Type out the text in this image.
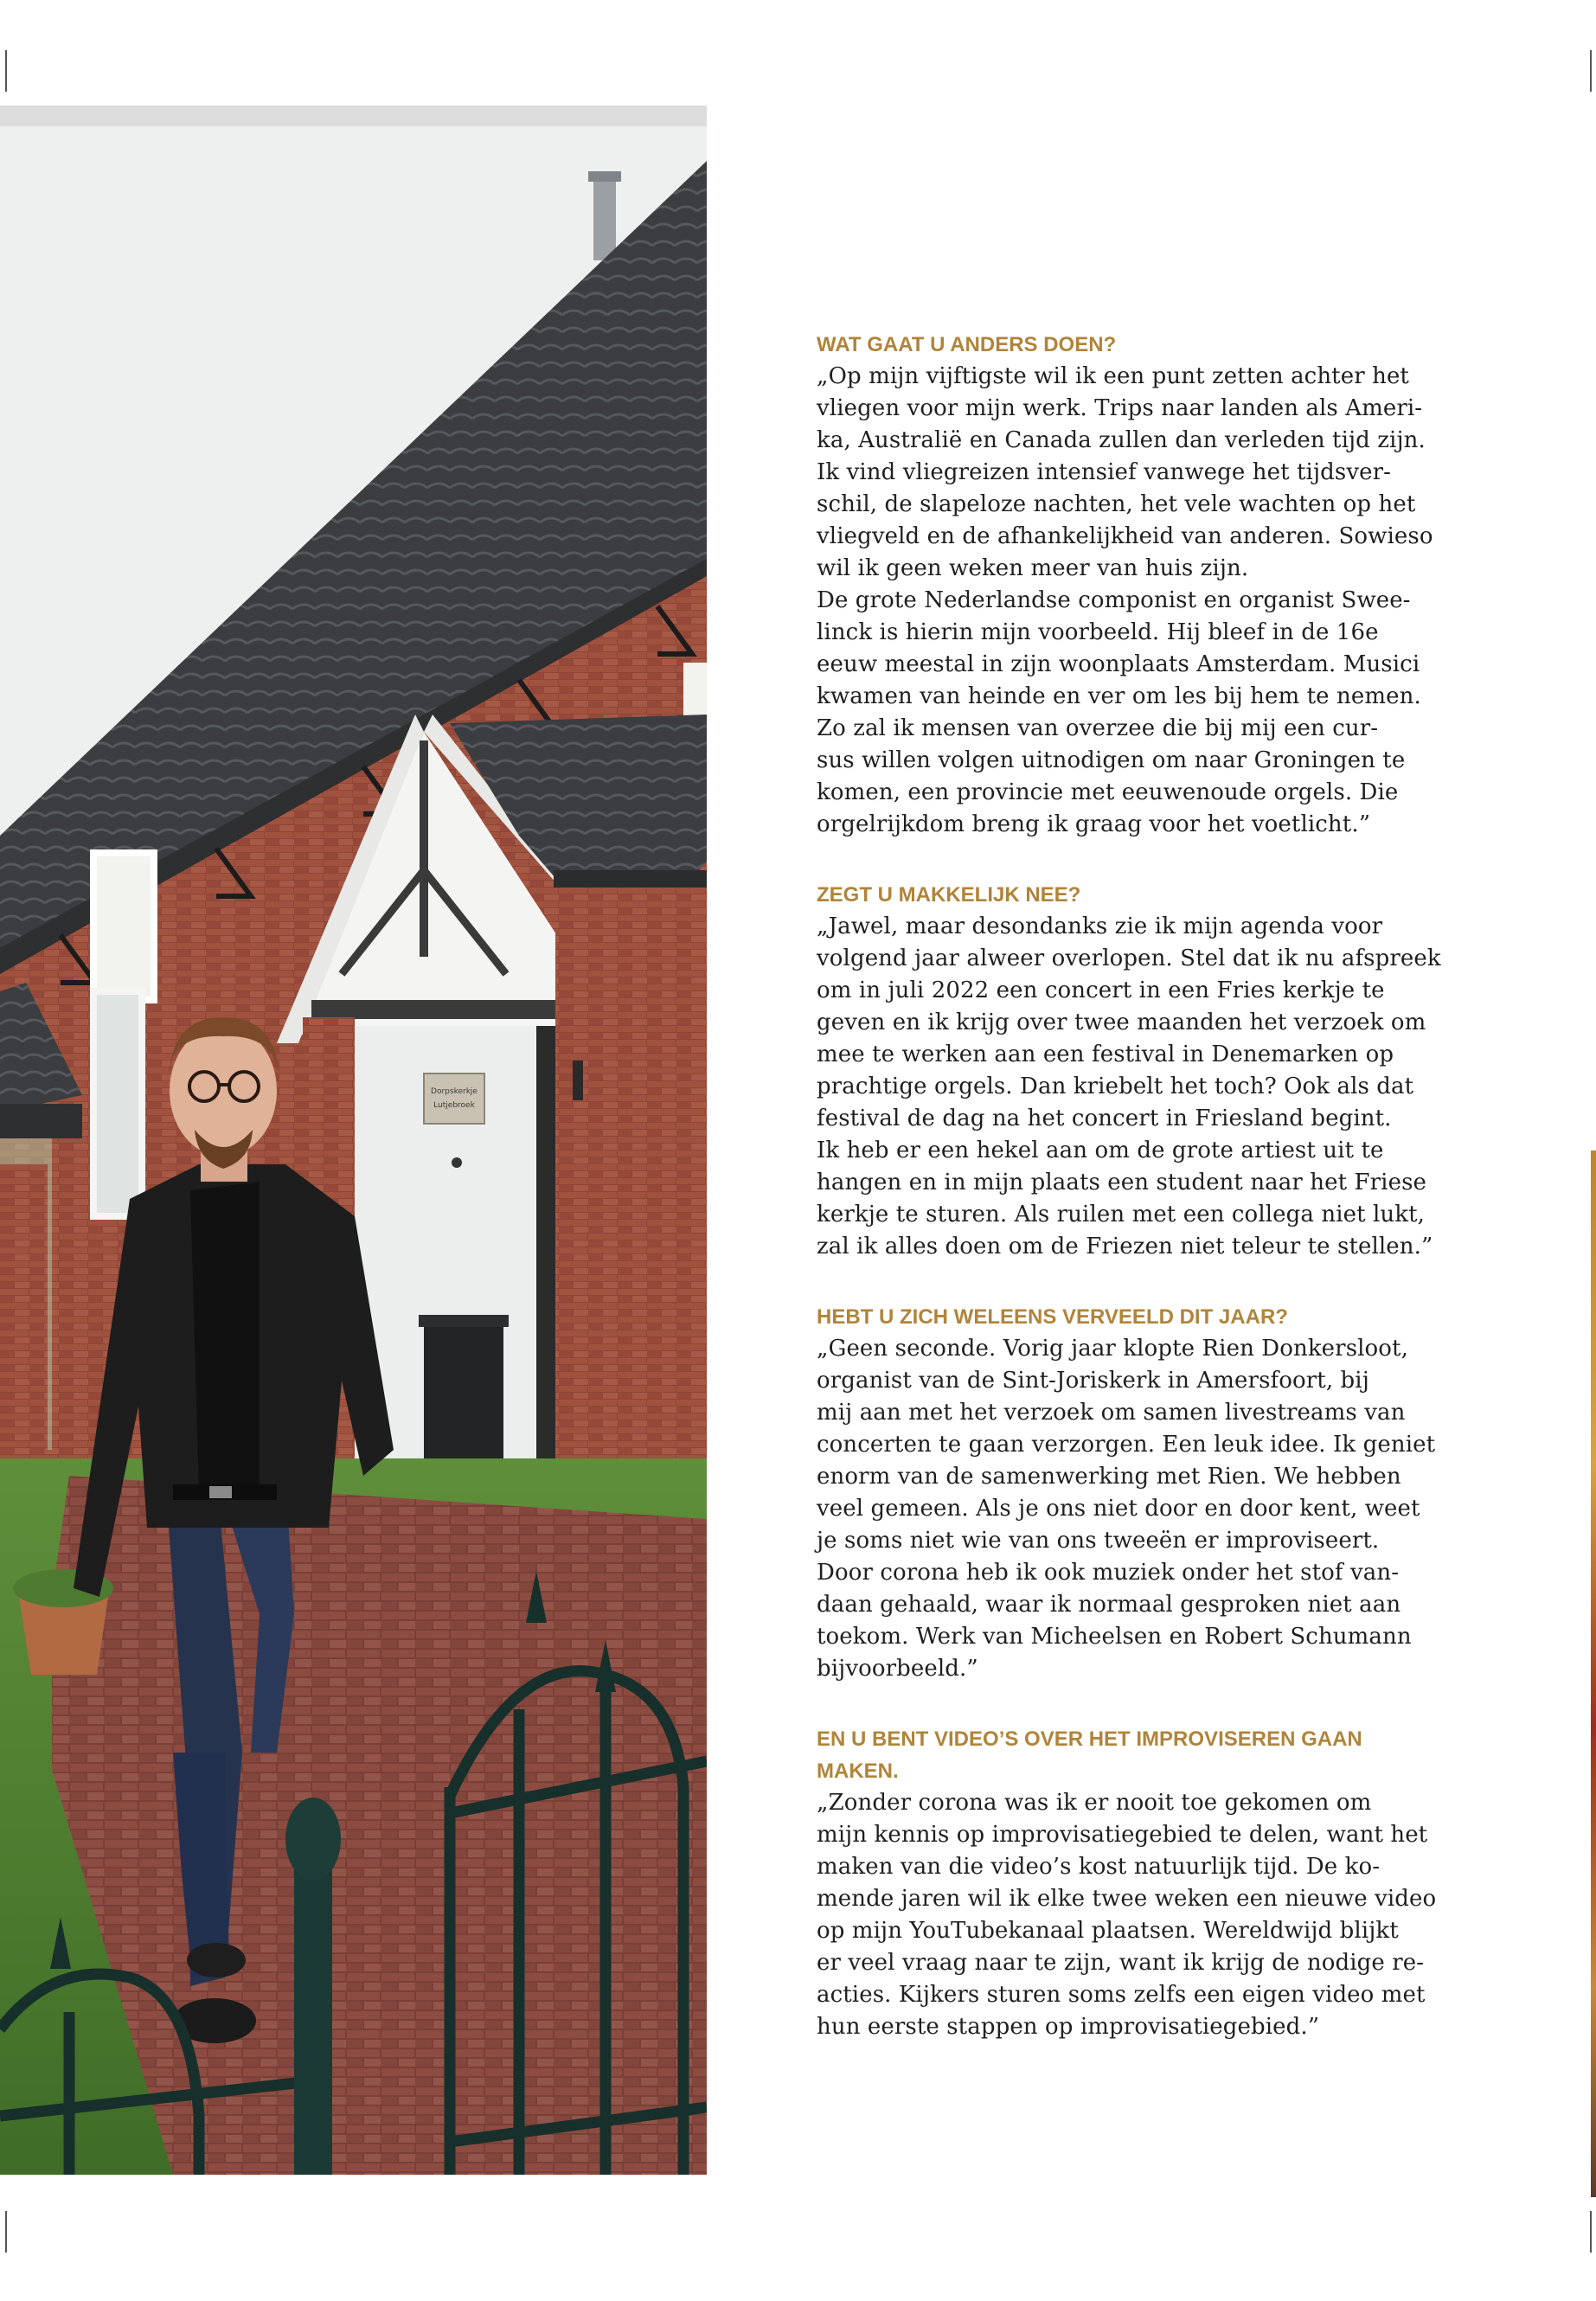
Dorpskerkje
Lutjebroek

WAT GAAT U ANDERS DOEN?

„Op mijn vijftigste wil ik een punt zetten achter het
vliegen voor mijn werk. Trips naar landen als Ameri-
ka, Australië en Canada zullen dan verleden tijd zijn.
Ik vind vliegreizen intensief vanwege het tijdsver-
schil, de slapeloze nachten, het vele wachten op het
vliegveld en de afhankelijkheid van anderen. Sowieso
wil ik geen weken meer van huis zijn.

De grote Nederlandse componist en organist Swee-
linck is hierin mijn voorbeeld. Hij bleef in de 16e
eeuw meestal in zijn woonplaats Amsterdam. Musici
kwamen van heinde en ver om les bij hem te nemen.
Zo zal ik mensen van overzee die bij mij een cur-
sus willen volgen uitnodigen om naar Groningen te
komen, een provincie met eeuwenoude orgels. Die
orgelrijkdom breng ik graag voor het voetlicht.”

ZEGT U MAKKELIJK NEE?

„Jawel, maar desondanks zie ik mijn agenda voor
volgend jaar alweer overlopen. Stel dat ik nu afspreek
om in juli 2022 een concert in een Fries kerkje te
geven en ik krijg over twee maanden het verzoek om
mee te werken aan een festival in Denemarken op
prachtige orgels. Dan kriebelt het toch? Ook als dat
festival de dag na het concert in Friesland begint.

Ik heb er een hekel aan om de grote artiest uit te
hangen en in mijn plaats een student naar het Friese
kerkje te sturen. Als ruilen met een collega niet lukt,
zal ik alles doen om de Friezen niet teleur te stellen.”

HEBT U ZICH WELEENS VERVEELD DIT JAAR?

„Geen seconde. Vorig jaar klopte Rien Donkersloot,
organist van de Sint-Joriskerk in Amersfoort, bij
mij aan met het verzoek om samen livestreams van
concerten te gaan verzorgen. Een leuk idee. Ik geniet
enorm van de samenwerking met Rien. We hebben
veel gemeen. Als je ons niet door en door kent, weet
je soms niet wie van ons tweeën er improviseert.
Door corona heb ik ook muziek onder het stof van-
daan gehaald, waar ik normaal gesproken niet aan
toekom. Werk van Micheelsen en Robert Schumann
bijvoorbeeld.”

EN U BENT VIDEO’S OVER HET IMPROVISEREN GAAN
MAKEN.

„Zonder corona was ik er nooit toe gekomen om
mijn kennis op improvisatiegebied te delen, want het
maken van die video’s kost natuurlijk tijd. De ko-
mende jaren wil ik elke twee weken een nieuwe video
op mijn YouTubekanaal plaatsen. Wereldwijd blijkt
er veel vraag naar te zijn, want ik krijg de nodige re-
acties. Kijkers sturen soms zelfs een eigen video met
hun eerste stappen op improvisatiegebied.”
